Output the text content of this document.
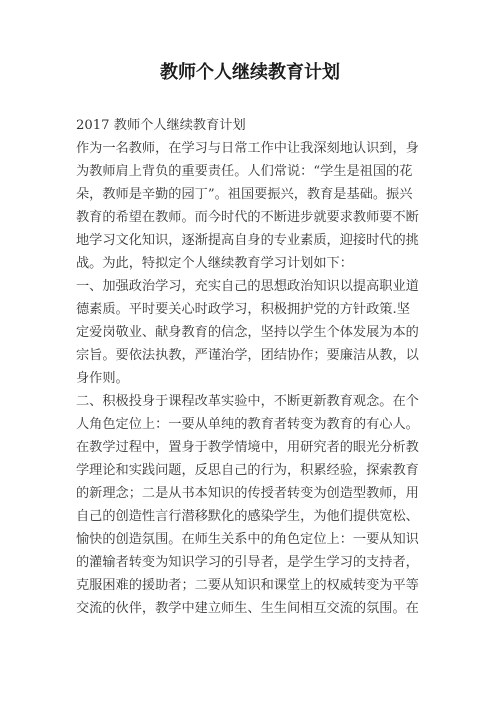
教师个人继续教育计划
2017 教师个人继续教育计划
作为一名教师，在学习与日常工作中让我深刻地认识到，身
为教师肩上背负的重要责任。人们常说：“学生是祖国的花
朵，教师是辛勤的园丁”。祖国要振兴，教育是基础。振兴
教育的希望在教师。而今时代的不断进步就要求教师要不断
地学习文化知识，逐渐提高自身的专业素质，迎接时代的挑
战。为此，特拟定个人继续教育学习计划如下：
一、加强政治学习，充实自己的思想政治知识以提高职业道
德素质。平时要关心时政学习，积极拥护党的方针政策.坚
定爱岗敬业、献身教育的信念，坚持以学生个体发展为本的
宗旨。要依法执教，严谨治学，团结协作；要廉洁从教，以
身作则。
二、积极投身于课程改革实验中，不断更新教育观念。在个
人角色定位上：一要从单纯的教育者转变为教育的有心人。
在教学过程中，置身于教学情境中，用研究者的眼光分析教
学理论和实践问题，反思自己的行为，积累经验，探索教育
的新理念；二是从书本知识的传授者转变为创造型教师，用
自己的创造性言行潜移默化的感染学生，为他们提供宽松、
愉快的创造氛围。在师生关系中的角色定位上：一要从知识
的灌输者转变为知识学习的引导者，是学生学习的支持者，
克服困难的援助者；二要从知识和课堂上的权威转变为平等
交流的伙伴，教学中建立师生、生生间相互交流的氛围。在
